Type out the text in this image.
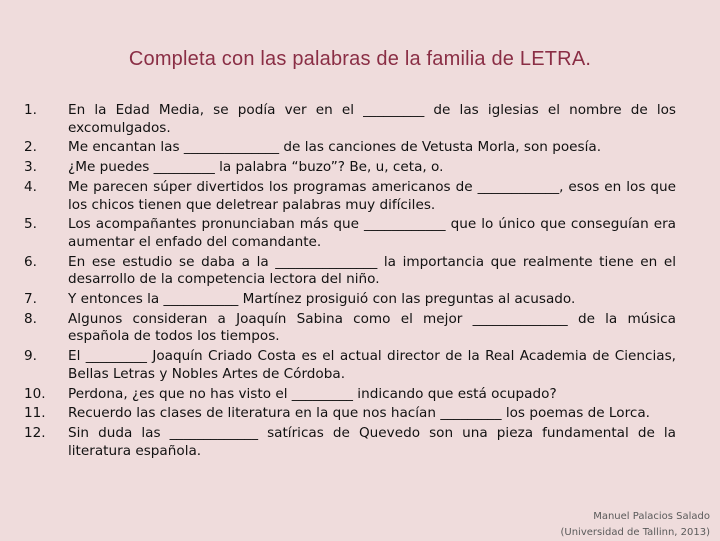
Completa con las palabras de la familia de LETRA.
1.	En la Edad Media, se podía ver en el _________ de las iglesias el nombre de los excomulgados.
2.	Me encantan las ______________ de las canciones de Vetusta Morla, son poesía.
3.	¿Me puedes _________ la palabra “buzo”? Be, u, ceta, o.
4.	Me parecen súper divertidos los programas americanos de ____________, esos en los que los chicos tienen que deletrear palabras muy difíciles.
5.	Los acompañantes pronunciaban más que ____________ que lo único que conseguían era aumentar el enfado del comandante.
6.	En ese estudio se daba a la _______________ la importancia que realmente tiene en el desarrollo de la competencia lectora del niño.
7.	Y entonces la ___________ Martínez prosiguió con las preguntas al acusado.
8.	Algunos consideran a Joaquín Sabina como el mejor ______________ de la música española de todos los tiempos.
9.	El _________ Joaquín Criado Costa es el actual director de la Real Academia de Ciencias, Bellas Letras y Nobles Artes de Córdoba.
10.	Perdona, ¿es que no has visto el _________ indicando que está ocupado?
11.	Recuerdo las clases de literatura en la que nos hacían _________ los poemas de Lorca.
12.	Sin duda las _____________ satíricas de Quevedo son una pieza fundamental de la literatura española.
Manuel Palacios Salado
(Universidad de Tallinn, 2013)
